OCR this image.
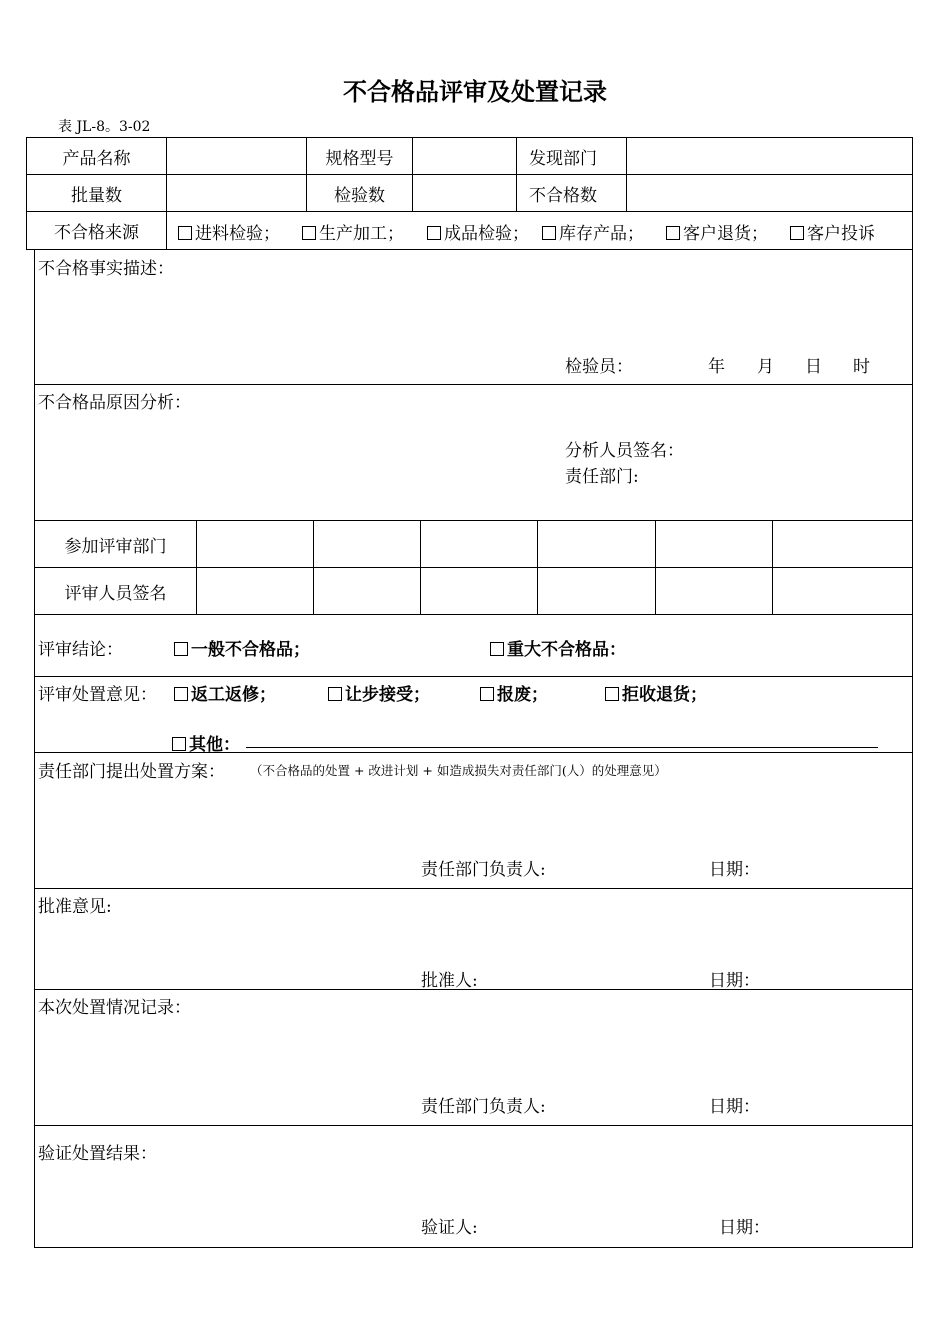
不合格品评审及处置记录
表 JL-8。3-02
产品名称	规格型号	发现部门
批量数	检验数	不合格数
不合格来源	进料检验；	生产加工；	成品检验；	库存产品；	客户退货；	客户投诉
不合格事实描述：
检验员：	年 月 日 时
不合格品原因分析：
分析人员签名：
责任部门:
参加评审部门
评审人员签名
评审结论：	一般不合格品；	重大不合格品：
评审处置意见：	返工返修；	让步接受；	报废；	拒收退货；
其他：
责任部门提出处置方案： （不合格品的处置 + 改进计划 + 如造成损失对责任部门(人）的处理意见）
责任部门负责人:	日期：
批准意见:
批准人:	日期：
本次处置情况记录：
责任部门负责人:	日期：
验证处置结果：
验证人:	日期：
